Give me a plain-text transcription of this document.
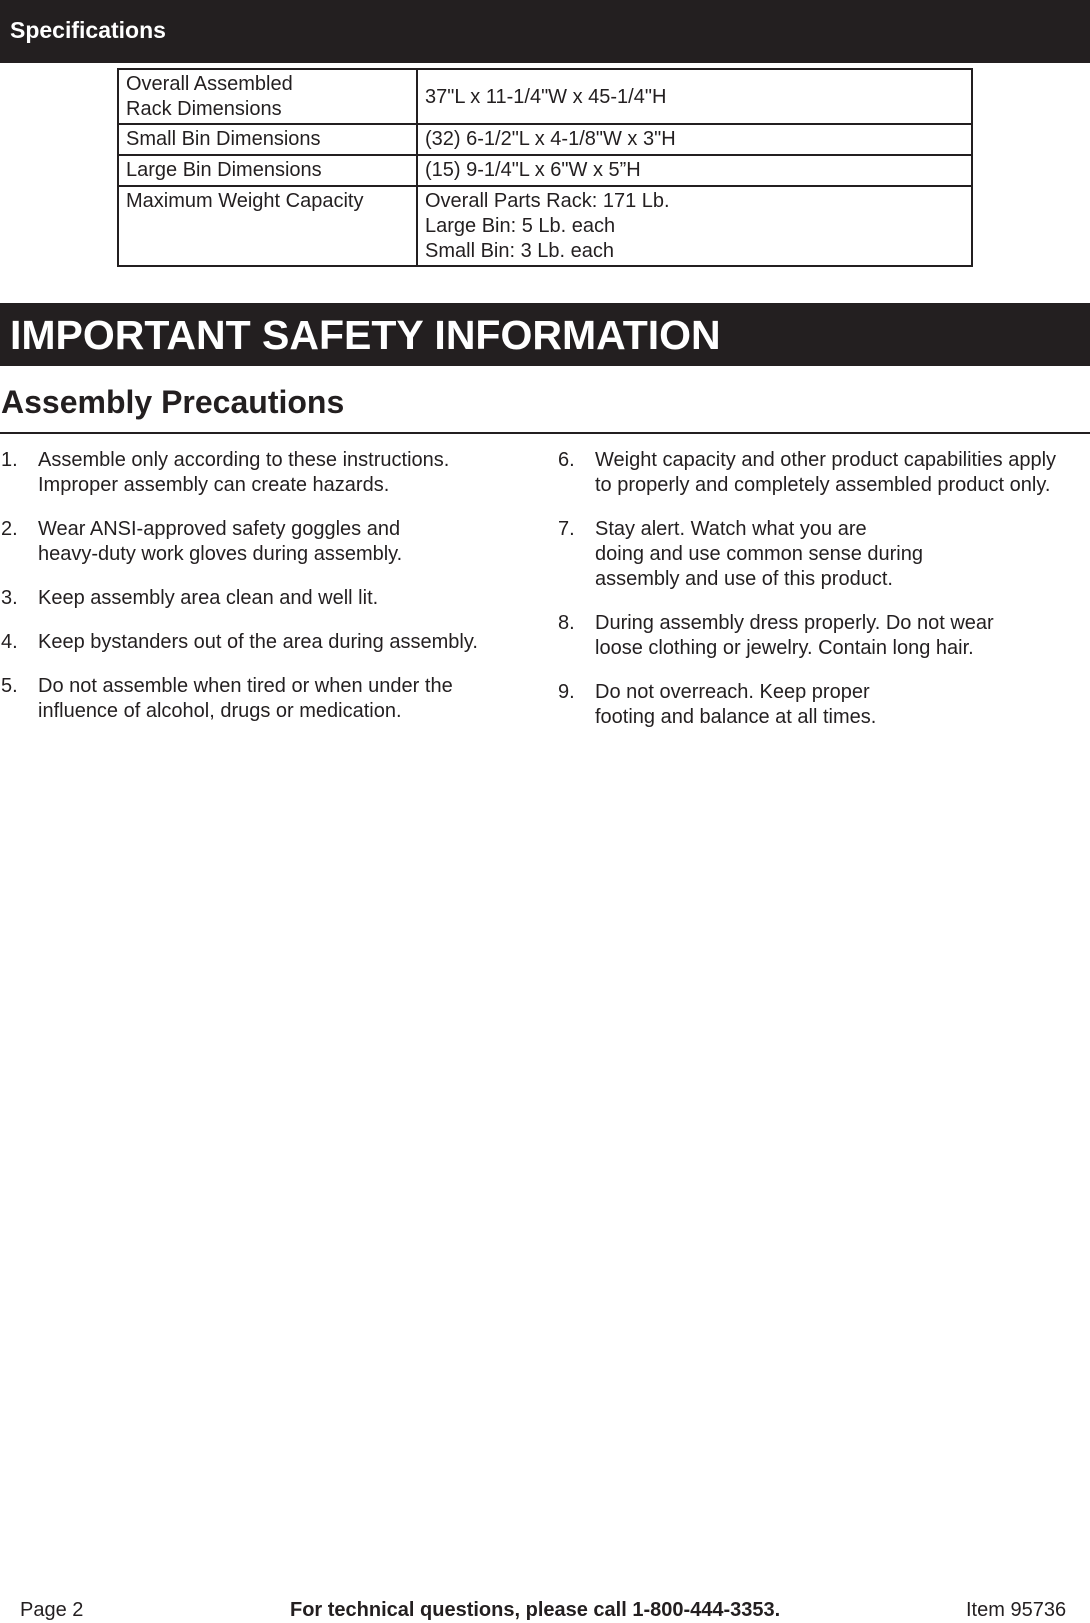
Specifications
Overall Assembled
Rack Dimensions	37"L x 11-1/4"W x 45-1/4"H

Small Bin Dimensions	(32) 6-1/2"L x 4-1/8"W x 3"H
Large Bin Dimensions	(15) 9-1/4"L x 6"W x 5”H
Maximum Weight Capacity	Overall Parts Rack: 171 Lb.
Large Bin: 5 Lb. each
Small Bin: 3 Lb. each
IMPORTANT SAFETY INFORMATION
Assembly Precautions
1. Assemble only according to these instructions.
Improper assembly can create hazards.
2. Wear ANSI-approved safety goggles and
heavy-duty work gloves during assembly.
3. Keep assembly area clean and well lit.
4. Keep bystanders out of the area during assembly.
5. Do not assemble when tired or when under the
influence of alcohol, drugs or medication.
6. Weight capacity and other product capabilities apply
to properly and completely assembled product only.
7. Stay alert. Watch what you are
doing and use common sense during
assembly and use of this product.
8. During assembly dress properly. Do not wear
loose clothing or jewelry. Contain long hair.
9. Do not overreach. Keep proper
footing and balance at all times.
Page 2	For technical questions, please call 1-800-444-3353.	Item 95736
